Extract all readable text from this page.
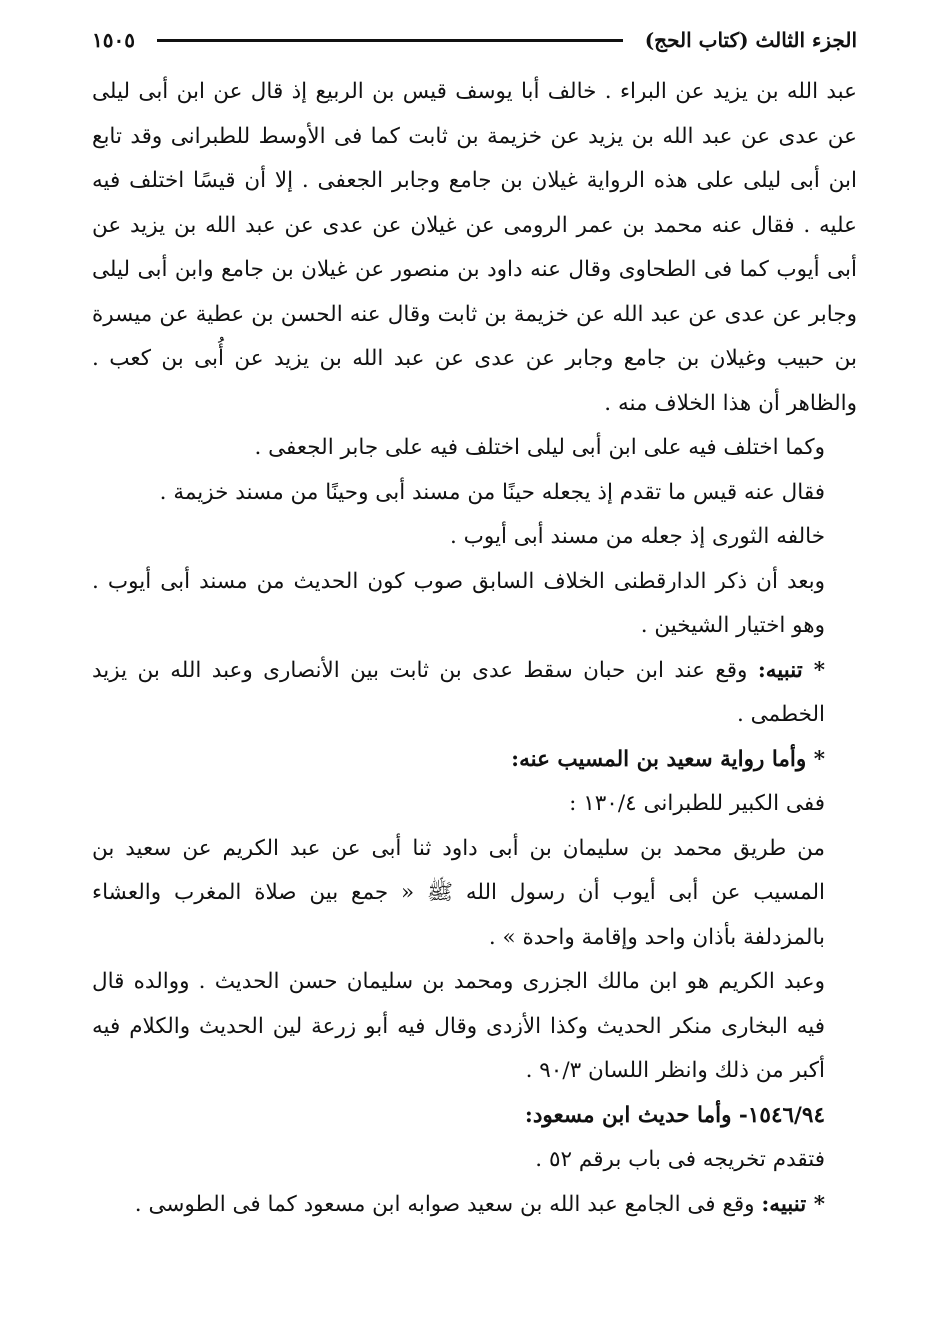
الجزء الثالث (كتاب الحج)
١٥٠٥

عبد الله بن يزيد عن البراء . خالف أبا يوسف قيس بن الربيع إذ قال عن ابن أبى ليلى عن عدى عن عبد الله بن يزيد عن خزيمة بن ثابت كما فى الأوسط للطبرانى وقد تابع ابن أبى ليلى على هذه الرواية غيلان بن جامع وجابر الجعفى . إلا أن قيسًا اختلف فيه عليه . فقال عنه محمد بن عمر الرومى عن غيلان عن عدى عن عبد الله بن يزيد عن أبى أيوب كما فى الطحاوى وقال عنه داود بن منصور عن غيلان بن جامع وابن أبى ليلى وجابر عن عدى عن عبد الله عن خزيمة بن ثابت وقال عنه الحسن بن عطية عن ميسرة بن حبيب وغيلان بن جامع وجابر عن عدى عن عبد الله بن يزيد عن أُبى بن كعب . والظاهر أن هذا الخلاف منه .

وكما اختلف فيه على ابن أبى ليلى اختلف فيه على جابر الجعفى .

فقال عنه قيس ما تقدم إذ يجعله حينًا من مسند أبى وحينًا من مسند خزيمة .

خالفه الثورى إذ جعله من مسند أبى أيوب .

وبعد أن ذكر الدارقطنى الخلاف السابق صوب كون الحديث من مسند أبى أيوب . وهو اختيار الشيخين .

* تنبيه: وقع عند ابن حبان سقط عدى بن ثابت بين الأنصارى وعبد الله بن يزيد الخطمى .

* وأما رواية سعيد بن المسيب عنه:

ففى الكبير للطبرانى ١٣٠/٤ :

من طريق محمد بن سليمان بن أبى داود ثنا أبى عن عبد الكريم عن سعيد بن المسيب عن أبى أيوب أن رسول الله ﷺ « جمع بين صلاة المغرب والعشاء بالمزدلفة بأذان واحد وإقامة واحدة » .

وعبد الكريم هو ابن مالك الجزرى ومحمد بن سليمان حسن الحديث . ووالده قال فيه البخارى منكر الحديث وكذا الأزدى وقال فيه أبو زرعة لين الحديث والكلام فيه أكبر من ذلك وانظر اللسان ٩٠/٣ .

١٥٤٦/٩٤- وأما حديث ابن مسعود:

فتقدم تخريجه فى باب برقم ٥٢ .

* تنبيه: وقع فى الجامع عبد الله بن سعيد صوابه ابن مسعود كما فى الطوسى .
